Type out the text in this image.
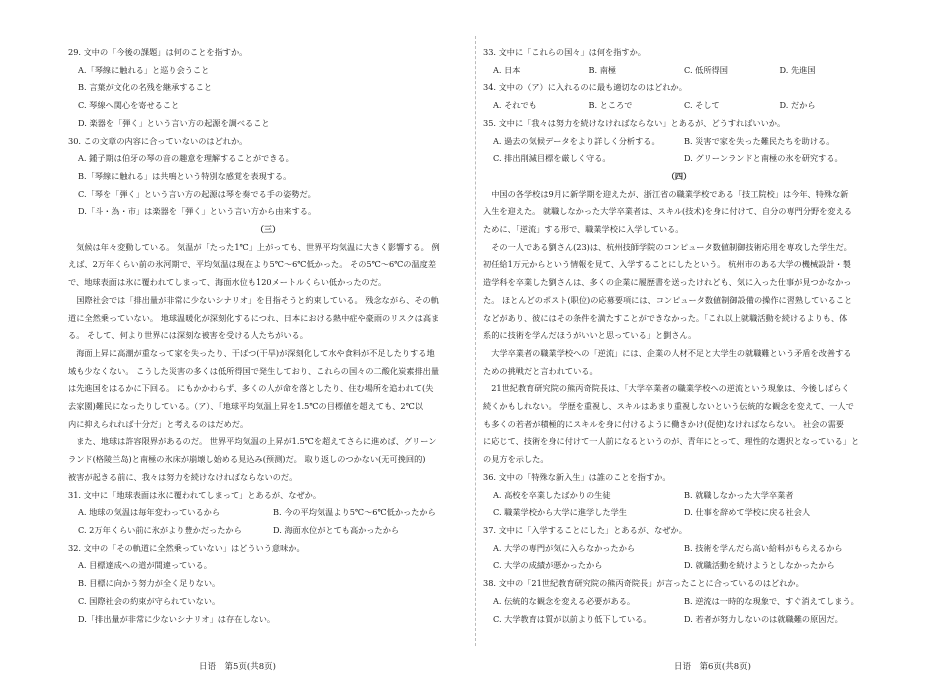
29. 文中の「今後の課題」は何のことを指すか。
A.「琴線に触れる」と巡り会うこと
B. 言葉が文化の名残を継承すること
C. 琴線へ関心を寄せること
D. 楽器を「弾く」という言い方の起源を調べること
30. この文章の内容に合っていないのはどれか。
A. 鍾子期は伯牙の琴の音の趣意を理解することができる。
B.「琴線に触れる」は共鳴という特別な感覚を表現する。
C.「琴を「弾く」という言い方の起源は琴を奏でる手の姿勢だ。
D.「斗・為・市」は楽器を「弾く」という言い方から由来する。
（三）
　気候は年々変動している。 気温が「たった1℃」上がっても、世界平均気温に大きく影響する。 例
えば、2万年くらい前の氷河期で、平均気温は現在より5℃～6℃低かった。 その5℃～6℃の温度差
で、地球表面は氷に覆われてしまって、海面水位も120メートルくらい低かったのだ。
　国際社会では「排出量が非常に少ないシナリオ」を目指そうと約束している。 残念ながら、その軌
道に全然乗っていない。 地球温暖化が深刻化するにつれ、日本における熱中症や豪雨のリスクは高ま
る。 そして、何より世界には深刻な被害を受ける人たちがいる。
　海面上昇に高潮が重なって家を失ったり、干ばつ(干旱)が深刻化して水や食料が不足したりする地
域も少なくない。 こうした災害の多くは低所得国で発生しており、これらの国々の二酸化炭素排出量
は先進国をはるかに下回る。 にもかかわらず、多くの人が命を落としたり、住む場所を追われて(失
去家園)難民になったりしている。（ア）、「地球平均気温上昇を1.5℃の目標値を超えても、2℃以
内に抑えられれば十分だ」と考えるのはだめだ。
　また、地球は許容限界があるのだ。 世界平均気温の上昇が1.5℃を超えてさらに進めば、グリーン
ランド(格陵兰岛)と南極の氷床が崩壊し始める見込み(预测)だ。 取り返しのつかない(无可挽回的)
被害が起きる前に、我々は努力を続けなければならないのだ。
31. 文中に「地球表面は氷に覆われてしまって」とあるが、なぜか。
A. 地球の気温は毎年変わっているから	B. 今の平均気温より5℃～6℃低かったから
C. 2万年くらい前に氷がより豊かだったから	D. 海面水位がとても高かったから
32. 文中の「その軌道に全然乗っていない」はどういう意味か。
A. 目標達成への道が間違っている。
B. 目標に向かう努力が全く足りない。
C. 国際社会の約束が守られていない。
D.「排出量が非常に少ないシナリオ」は存在しない。
日语　第5页(共8页)
33. 文中に「これらの国々」は何を指すか。
A. 日本	B. 南極	C. 低所得国	D. 先進国
34. 文中の（ア）に入れるのに最も適切なのはどれか。
A. それでも	B. ところで	C. そして	D. だから
35. 文中に「我々は努力を続けなければならない」とあるが、どうすればいいか。
A. 過去の気候データをより詳しく分析する。	B. 災害で家を失った難民たちを助ける。
C. 排出削減目標を厳しく守る。	D. グリーンランドと南極の氷を研究する。
（四）
　中国の各学校は9月に新学期を迎えたが、浙江省の職業学校である「技工院校」は今年、特殊な新
入生を迎えた。 就職しなかった大学卒業者は、スキル(技术)を身に付けて、自分の専門分野を変える
ために、「逆流」する形で、職業学校に入学している。
　その一人である劉さん(23)は、杭州技師学院のコンピュータ数値制御技術応用を専攻した学生だ。
初任給1万元からという情報を見て、入学することにしたという。 杭州市のある大学の機械設計・製
造学科を卒業した劉さんは、多くの企業に履歴書を送ったけれども、気に入った仕事が見つかなかっ
た。 ほとんどのポスト(职位)の応募要項には、コンピュータ数値制御設備の操作に習熟していること
などがあり、彼にはその条件を満たすことができなかった。「これ以上就職活動を続けるよりも、体
系的に技術を学んだほうがいいと思っている」と劉さん。
　大学卒業者の職業学校への「逆流」には、企業の人材不足と大学生の就職難という矛盾を改善する
ための挑戦だと言われている。
　21世紀教育研究院の熊丙奇院長は、「大学卒業者の職業学校への逆流という現象は、今後しばらく
続くかもしれない。 学歴を重視し、スキルはあまり重視しないという伝統的な観念を変えて、一人で
も多くの若者が積極的にスキルを身に付けるように働きかけ(促使)なければならない。 社会の需要
に応じて、技術を身に付けて一人前になるというのが、青年にとって、理性的な選択となっている」と
の見方を示した。
36. 文中の「特殊な新入生」は誰のことを指すか。
A. 高校を卒業したばかりの生徒	B. 就職しなかった大学卒業者
C. 職業学校から大学に進学した学生	D. 仕事を辞めて学校に戻る社会人
37. 文中に「入学することにした」とあるが、なぜか。
A. 大学の専門が気に入らなかったから	B. 技術を学んだら高い給料がもらえるから
C. 大学の成績が悪かったから	D. 就職活動を続けようとしなかったから
38. 文中の「21世紀教育研究院の熊丙奇院長」が言ったことに合っているのはどれか。
A. 伝統的な観念を変える必要がある。	B. 逆流は一時的な現象で、すぐ消えてしまう。
C. 大学教育は質が以前より低下している。	D. 若者が努力しないのは就職難の原因だ。
日语　第6页(共8页)
